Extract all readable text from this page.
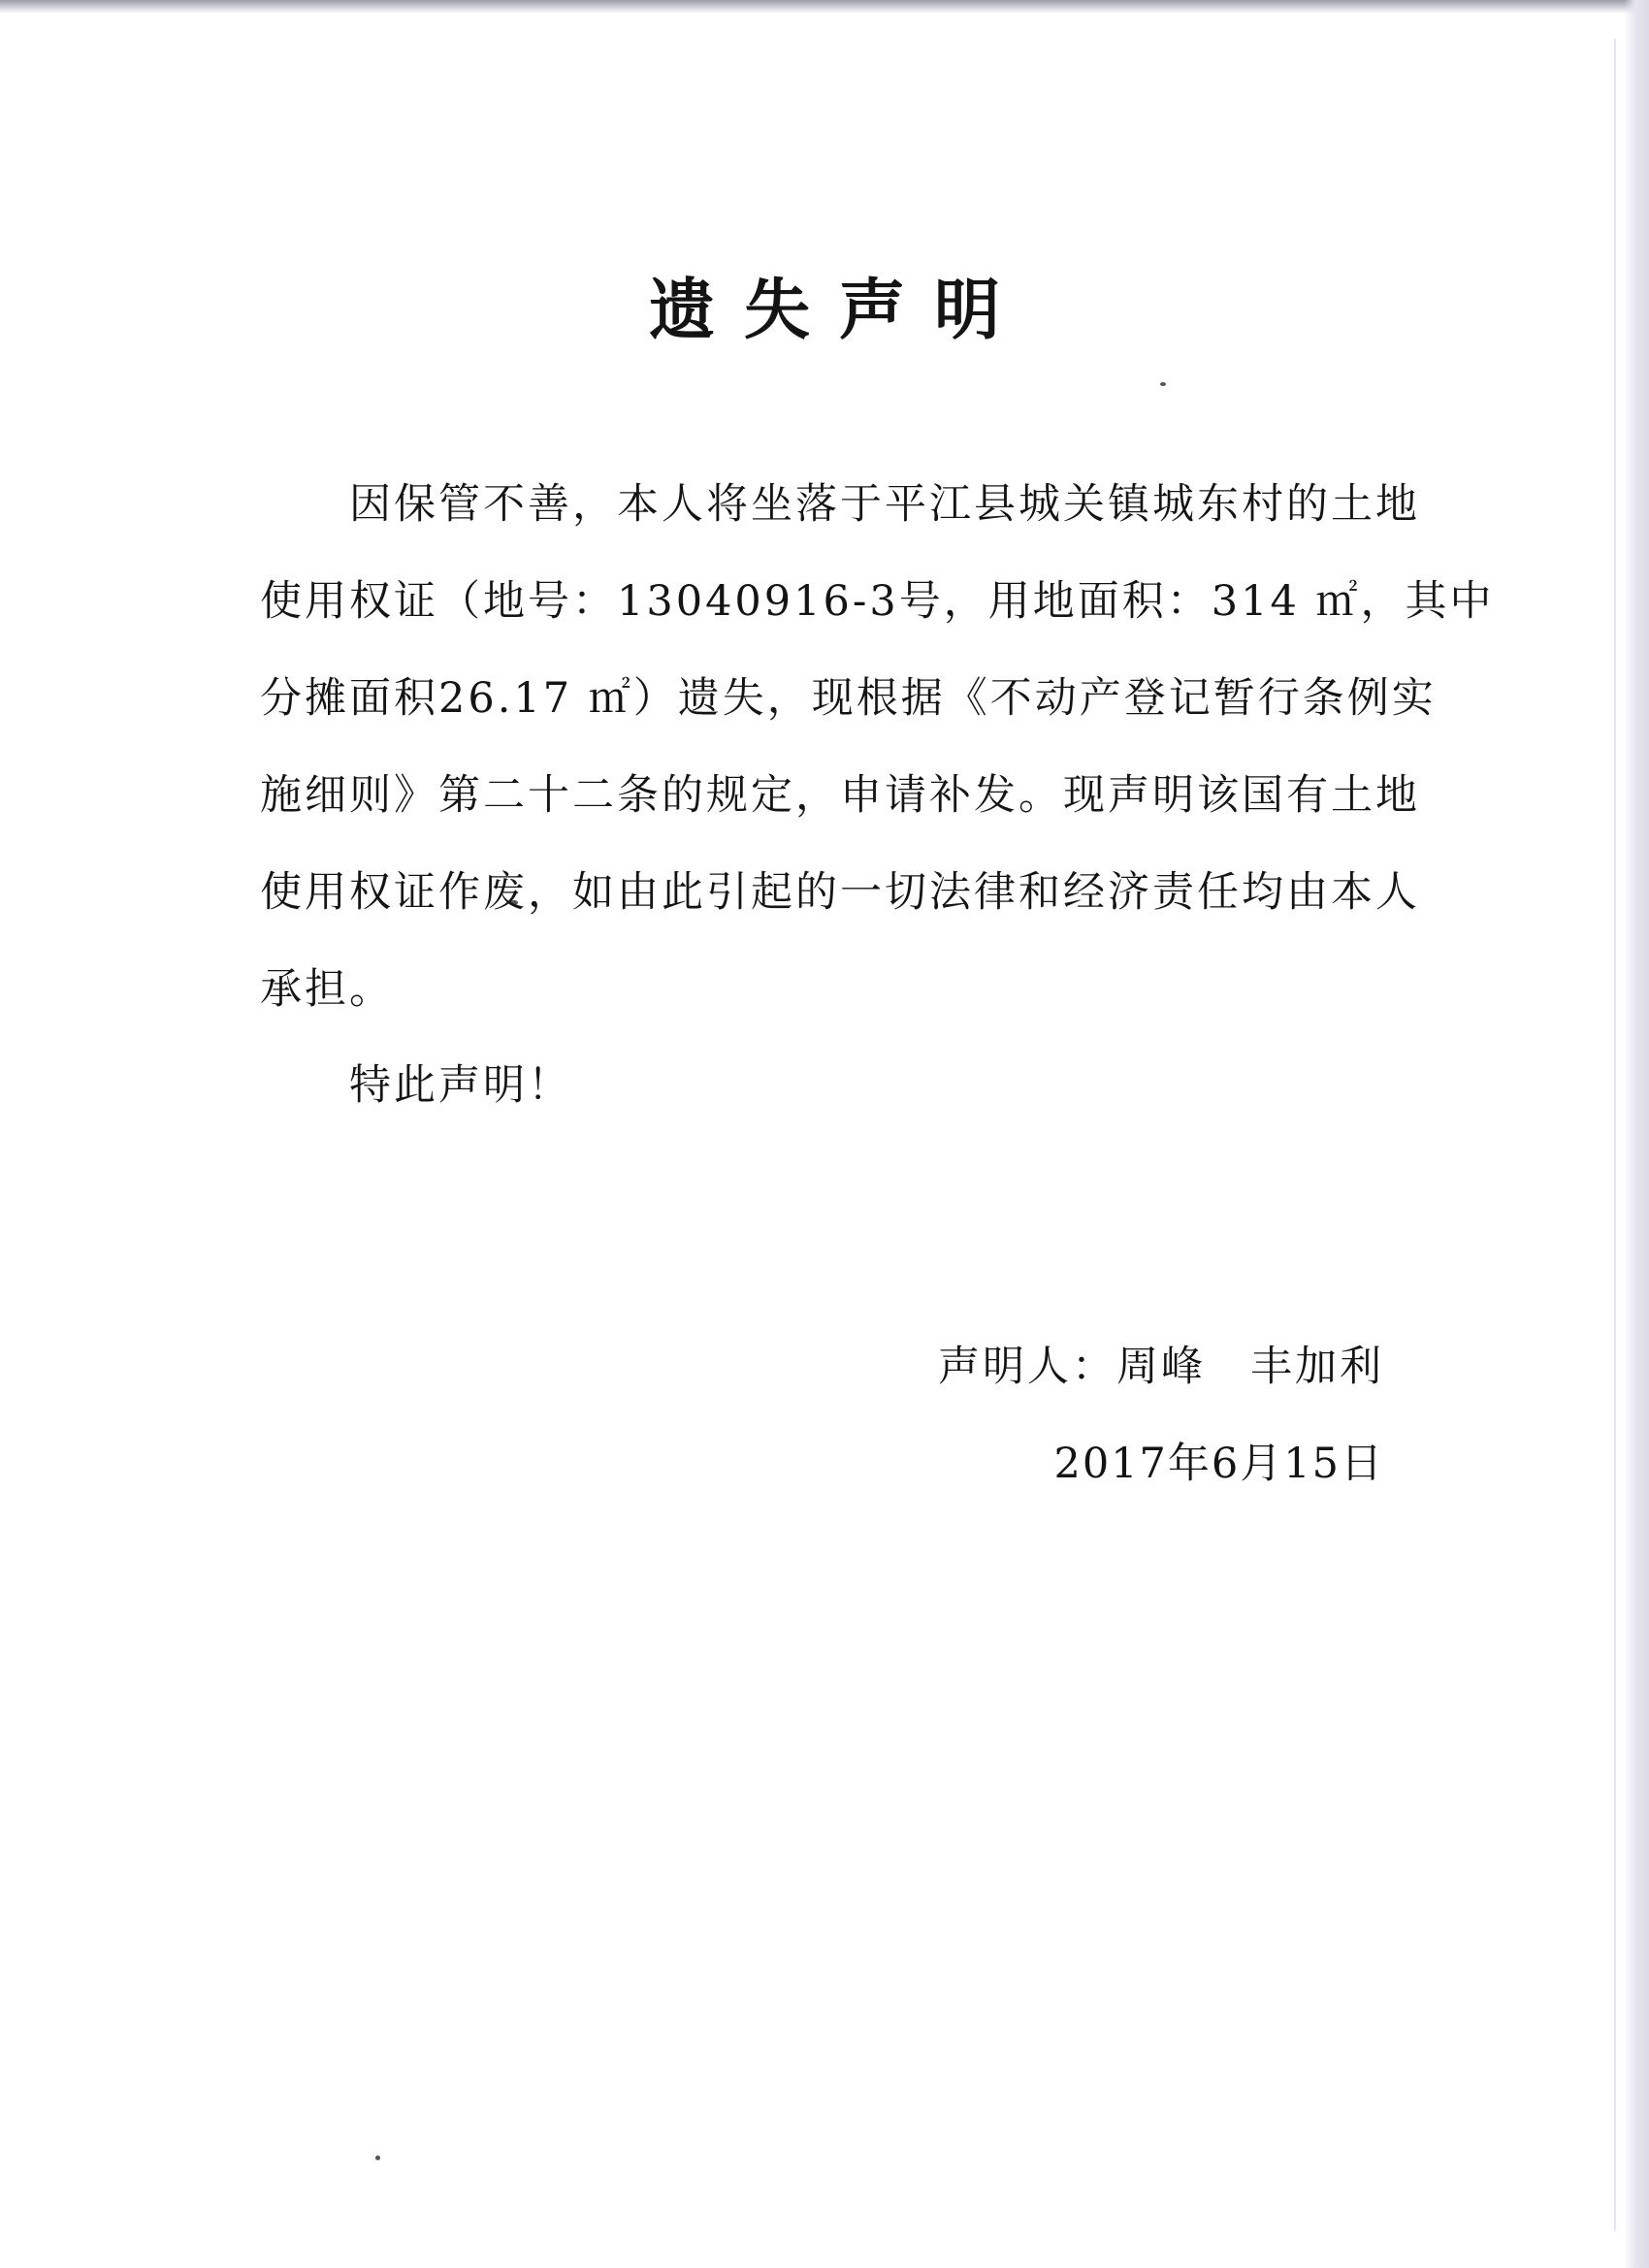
遗失声明
　　因保管不善，本人将坐落于平江县城关镇城东村的土地
使用权证（地号：13040916-3号，用地面积：314 ㎡，其中
分摊面积26.17 ㎡）遗失，现根据《不动产登记暂行条例实
施细则》第二十二条的规定，申请补发。现声明该国有土地
使用权证作废，如由此引起的一切法律和经济责任均由本人
承担。
特此声明！
声明人：周峰　丰加利
2017年6月15日
